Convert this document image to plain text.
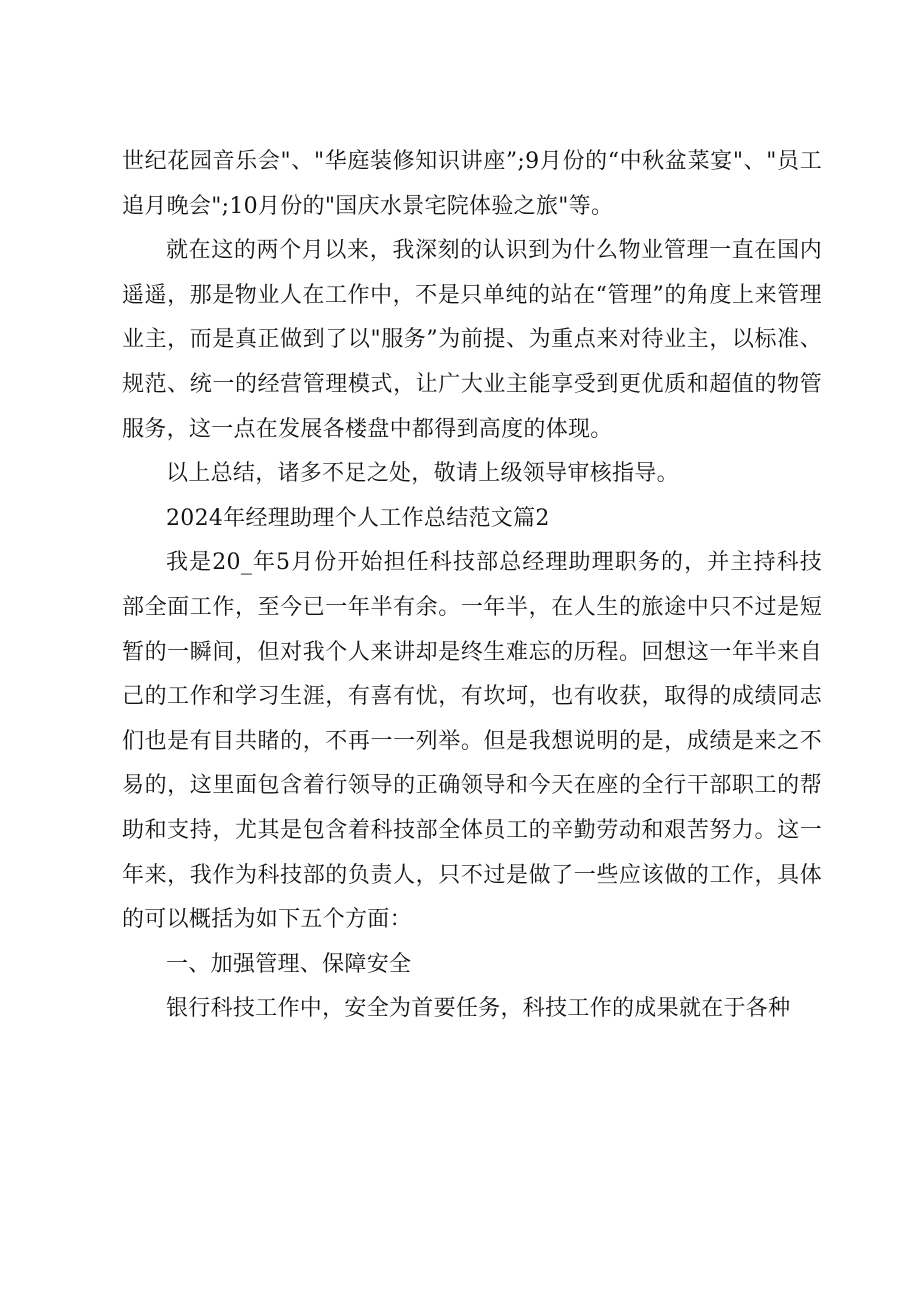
世纪花园音乐会"、"华庭装修知识讲座”;9月份的“中秋盆菜宴"、"员工追月晚会";10月份的"国庆水景宅院体验之旅"等。

就在这的两个月以来，我深刻的认识到为什么物业管理一直在国内遥遥，那是物业人在工作中，不是只单纯的站在“管理”的角度上来管理业主，而是真正做到了以"服务”为前提、为重点来对待业主，以标准、规范、统一的经营管理模式，让广大业主能享受到更优质和超值的物管服务，这一点在发展各楼盘中都得到高度的体现。

以上总结，诸多不足之处，敬请上级领导审核指导。

2024年经理助理个人工作总结范文篇2

我是20_年5月份开始担任科技部总经理助理职务的，并主持科技部全面工作，至今已一年半有余。一年半，在人生的旅途中只不过是短暂的一瞬间，但对我个人来讲却是终生难忘的历程。回想这一年半来自己的工作和学习生涯，有喜有忧，有坎坷，也有收获，取得的成绩同志们也是有目共睹的，不再一一列举。但是我想说明的是，成绩是来之不易的，这里面包含着行领导的正确领导和今天在座的全行干部职工的帮助和支持，尤其是包含着科技部全体员工的辛勤劳动和艰苦努力。这一年来，我作为科技部的负责人，只不过是做了一些应该做的工作，具体的可以概括为如下五个方面：

一、加强管理、保障安全

银行科技工作中，安全为首要任务，科技工作的成果就在于各种
